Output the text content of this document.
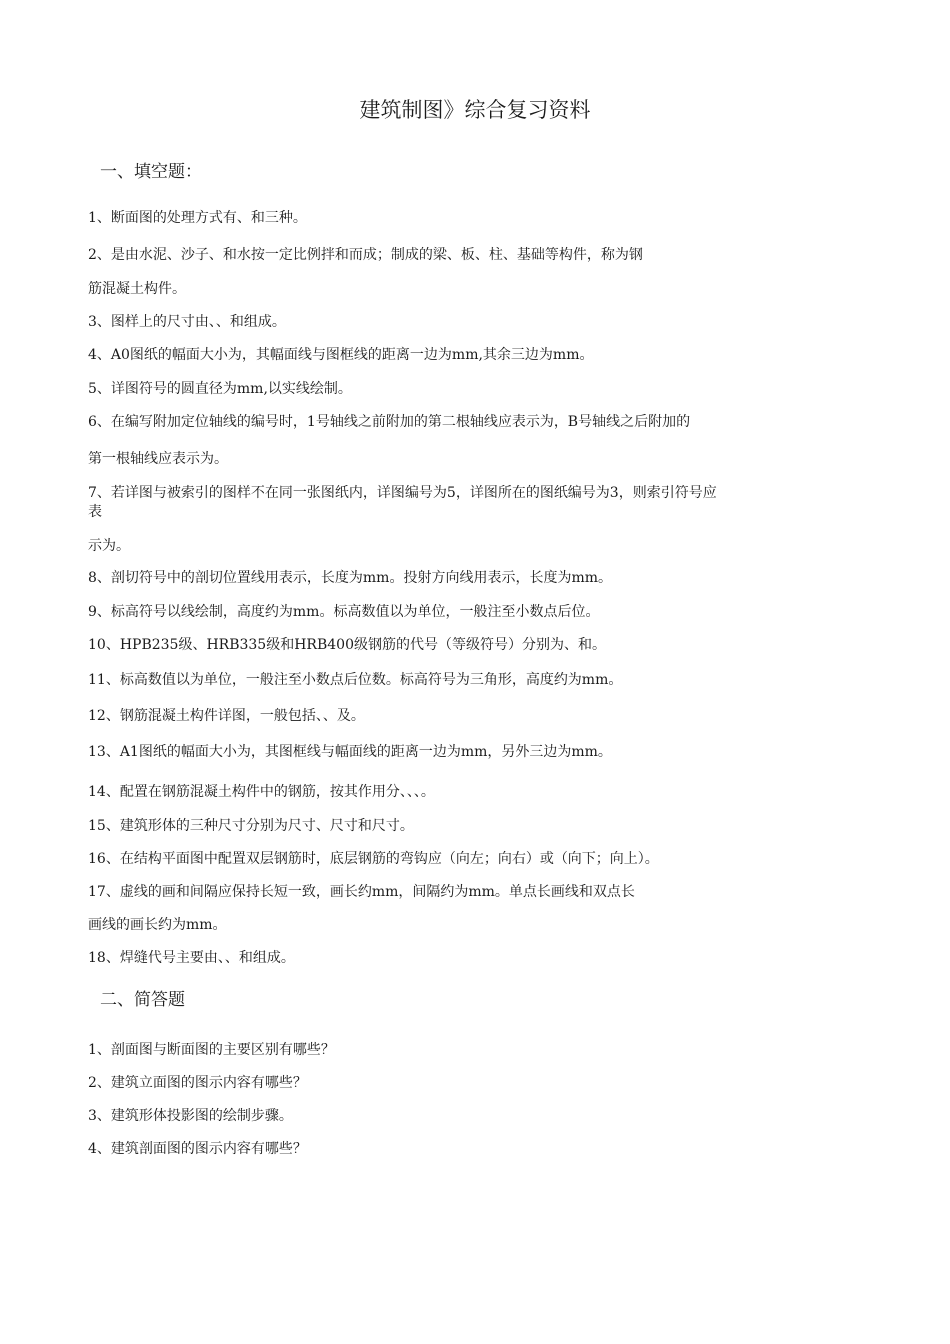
建筑制图》综合复习资料
一、填空题：
1、断面图的处理方式有、和三种。
2、是由水泥、沙子、和水按一定比例拌和而成；制成的梁、板、柱、基础等构件，称为钢
筋混凝土构件。
3、图样上的尺寸由、、和组成。
4、A0图纸的幅面大小为，其幅面线与图框线的距离一边为mm,其余三边为mm。
5、详图符号的圆直径为mm,以实线绘制。
6、在编写附加定位轴线的编号时，1号轴线之前附加的第二根轴线应表示为，B号轴线之后附加的
第一根轴线应表示为。
7、若详图与被索引的图样不在同一张图纸内，详图编号为5，详图所在的图纸编号为3，则索引符号应
表
示为。
8、剖切符号中的剖切位置线用表示，长度为mm。投射方向线用表示，长度为mm。
9、标高符号以线绘制，高度约为mm。标高数值以为单位，一般注至小数点后位。
10、HPB235级、HRB335级和HRB400级钢筋的代号（等级符号）分别为、和。
11、标高数值以为单位，一般注至小数点后位数。标高符号为三角形，高度约为mm。
12、钢筋混凝土构件详图，一般包括、、及。
13、A1图纸的幅面大小为，其图框线与幅面线的距离一边为mm，另外三边为mm。
14、配置在钢筋混凝土构件中的钢筋，按其作用分、、、。
15、建筑形体的三种尺寸分别为尺寸、尺寸和尺寸。
16、在结构平面图中配置双层钢筋时，底层钢筋的弯钩应（向左；向右）或（向下；向上）。
17、虚线的画和间隔应保持长短一致，画长约mm，间隔约为mm。单点长画线和双点长
画线的画长约为mm。
18、焊缝代号主要由、、和组成。
二、简答题
1、剖面图与断面图的主要区别有哪些？
2、建筑立面图的图示内容有哪些？
3、建筑形体投影图的绘制步骤。
4、建筑剖面图的图示内容有哪些？
